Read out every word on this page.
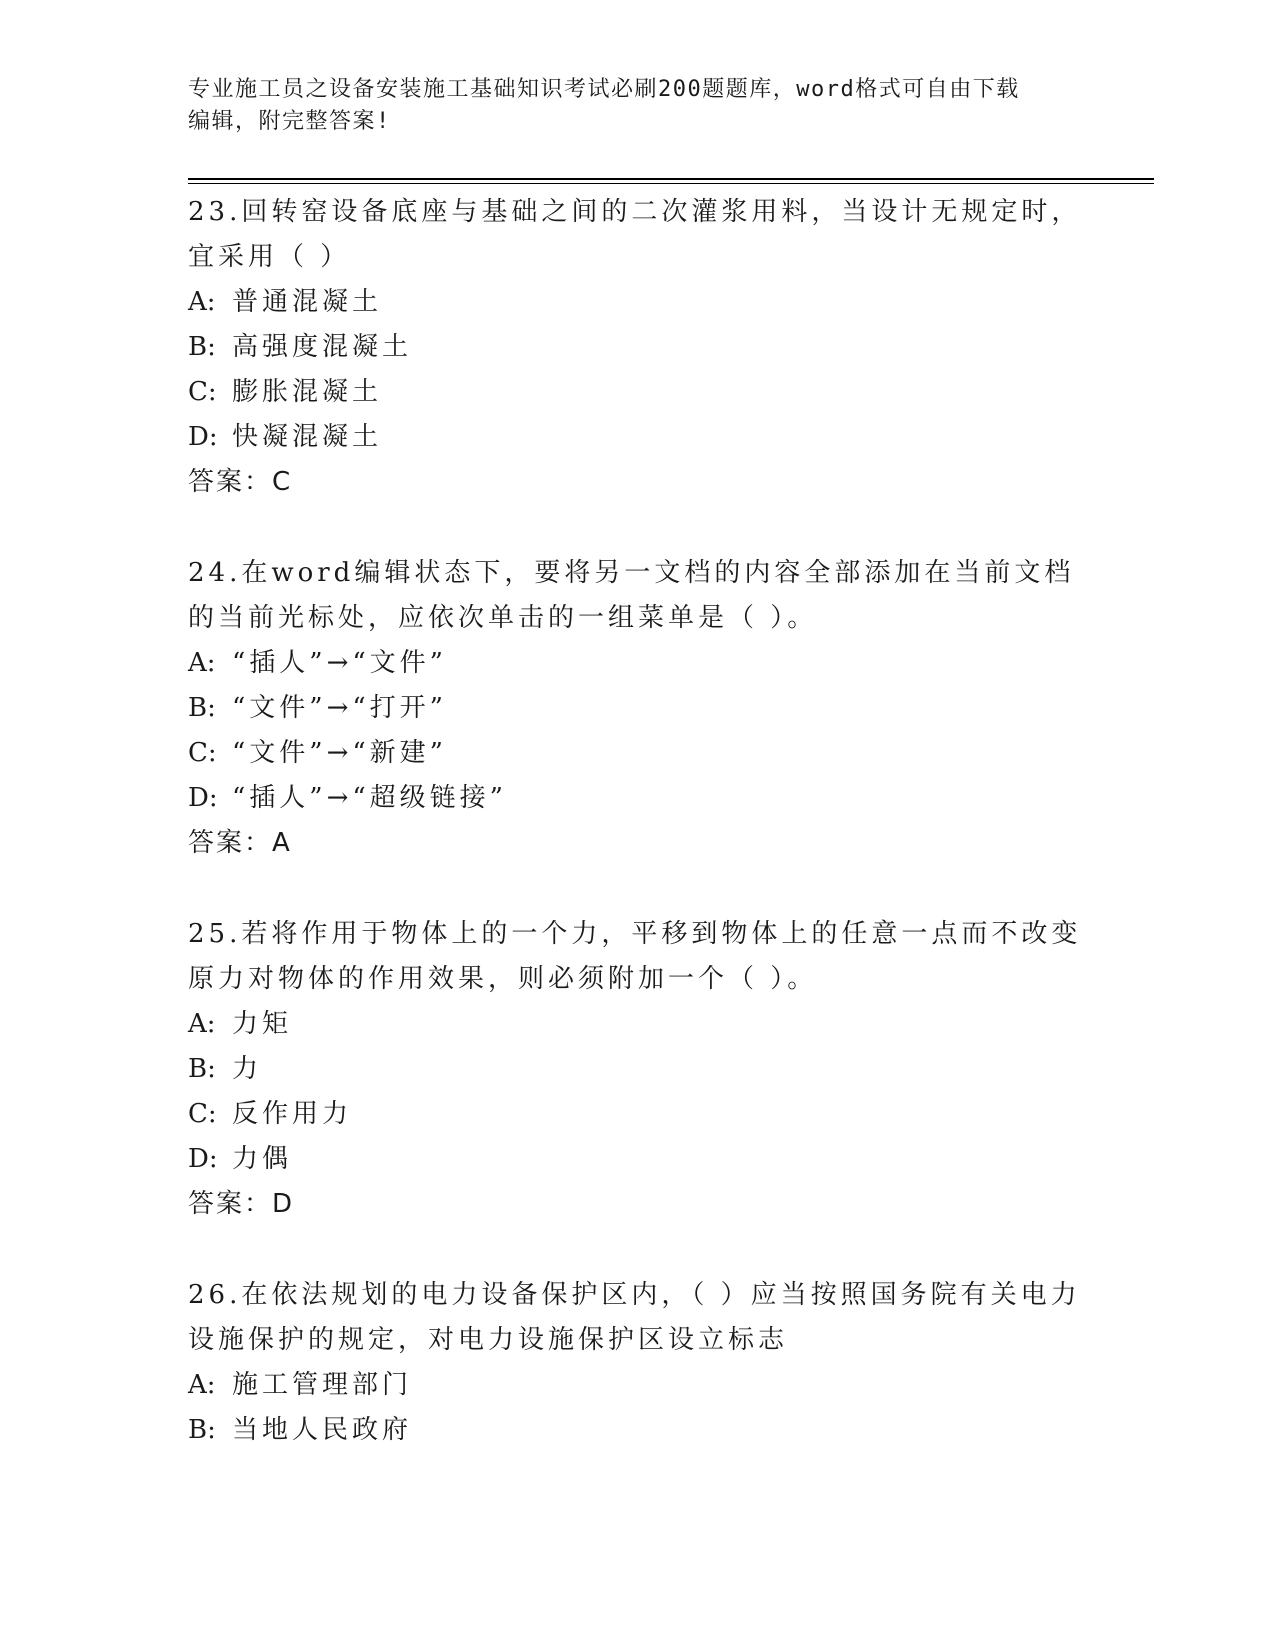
专业施工员之设备安装施工基础知识考试必刷200题题库，word格式可自由下载
编辑，附完整答案!

23.回转窑设备底座与基础之间的二次灌浆用料，当设计无规定时，宜采用（ ）

A: 普通混凝土

B: 高强度混凝土

C: 膨胀混凝土

D: 快凝混凝土

答案：C

24.在word编辑状态下，要将另一文档的内容全部添加在当前文档的当前光标处，应依次单击的一组菜单是（ ）。

A: “插人”→“文件”

B: “文件”→“打开”

C: “文件”→“新建”

D: “插人”→“超级链接”

答案：A

25.若将作用于物体上的一个力，平移到物体上的任意一点而不改变原力对物体的作用效果，则必须附加一个（ ）。

A: 力矩

B: 力

C: 反作用力

D: 力偶

答案：D

26.在依法规划的电力设备保护区内，（ ）应当按照国务院有关电力设施保护的规定，对电力设施保护区设立标志

A: 施工管理部门

B: 当地人民政府
